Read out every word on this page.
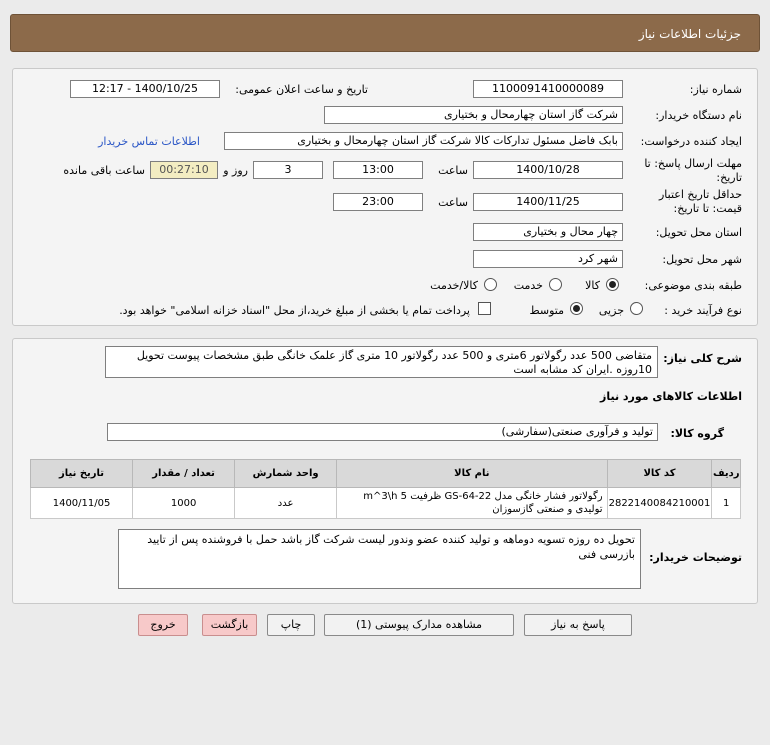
جزئیات اطلاعات نیاز
شماره نیاز:
1100091410000089
تاریخ و ساعت اعلان عمومی:
1400/10/25 - 12:17
نام دستگاه خریدار:
شرکت گاز استان چهارمحال و بختیاری
ایجاد کننده درخواست:
بابک فاضل مسئول تدارکات کالا شرکت گاز استان چهارمحال و بختیاری
اطلاعات تماس خریدار
مهلت ارسال پاسخ: تا تاریخ:
1400/10/28
ساعت
13:00
3
روز و
00:27:10
ساعت باقی مانده
حداقل تاریخ اعتبار قیمت: تا تاریخ:
1400/11/25
ساعت
23:00
استان محل تحویل:
چهار محال و بختیاری
شهر محل تحویل:
شهر کرد
طبقه بندی موضوعی:
کالا
خدمت
کالا/خدمت
نوع فرآیند خرید :
جزیی
متوسط
پرداخت تمام یا بخشی از مبلغ خرید،از محل "اسناد خزانه اسلامی" خواهد بود.
شرح کلی نیاز:
متقاضی 500 عدد رگولاتور 6متری و 500 عدد رگولاتور 10 متری گاز علمک خانگی طبق مشخصات پیوست تحویل 10روزه .ایران کد مشابه است
اطلاعات کالاهای مورد نیاز
گروه کالا:
تولید و فرآوری صنعتی(سفارشی)
ردیف	کد کالا	نام کالا	واحد شمارش	تعداد / مقدار	تاریخ نیاز
1	2822140084210001	رگولاتور فشار خانگی مدل GS-64-22 ظرفیت 5 m^3\h تولیدی و صنعتی گازسوزان	عدد	1000	1400/11/05
توضیحات خریدار:
تحویل ده روزه تسویه دوماهه و تولید کننده عضو وندور لیست شرکت گاز باشد حمل با فروشنده پس از تایید بازرسی فنی
پاسخ به نیاز
مشاهده مدارک پیوستی (1)
چاپ
بازگشت
خروج
